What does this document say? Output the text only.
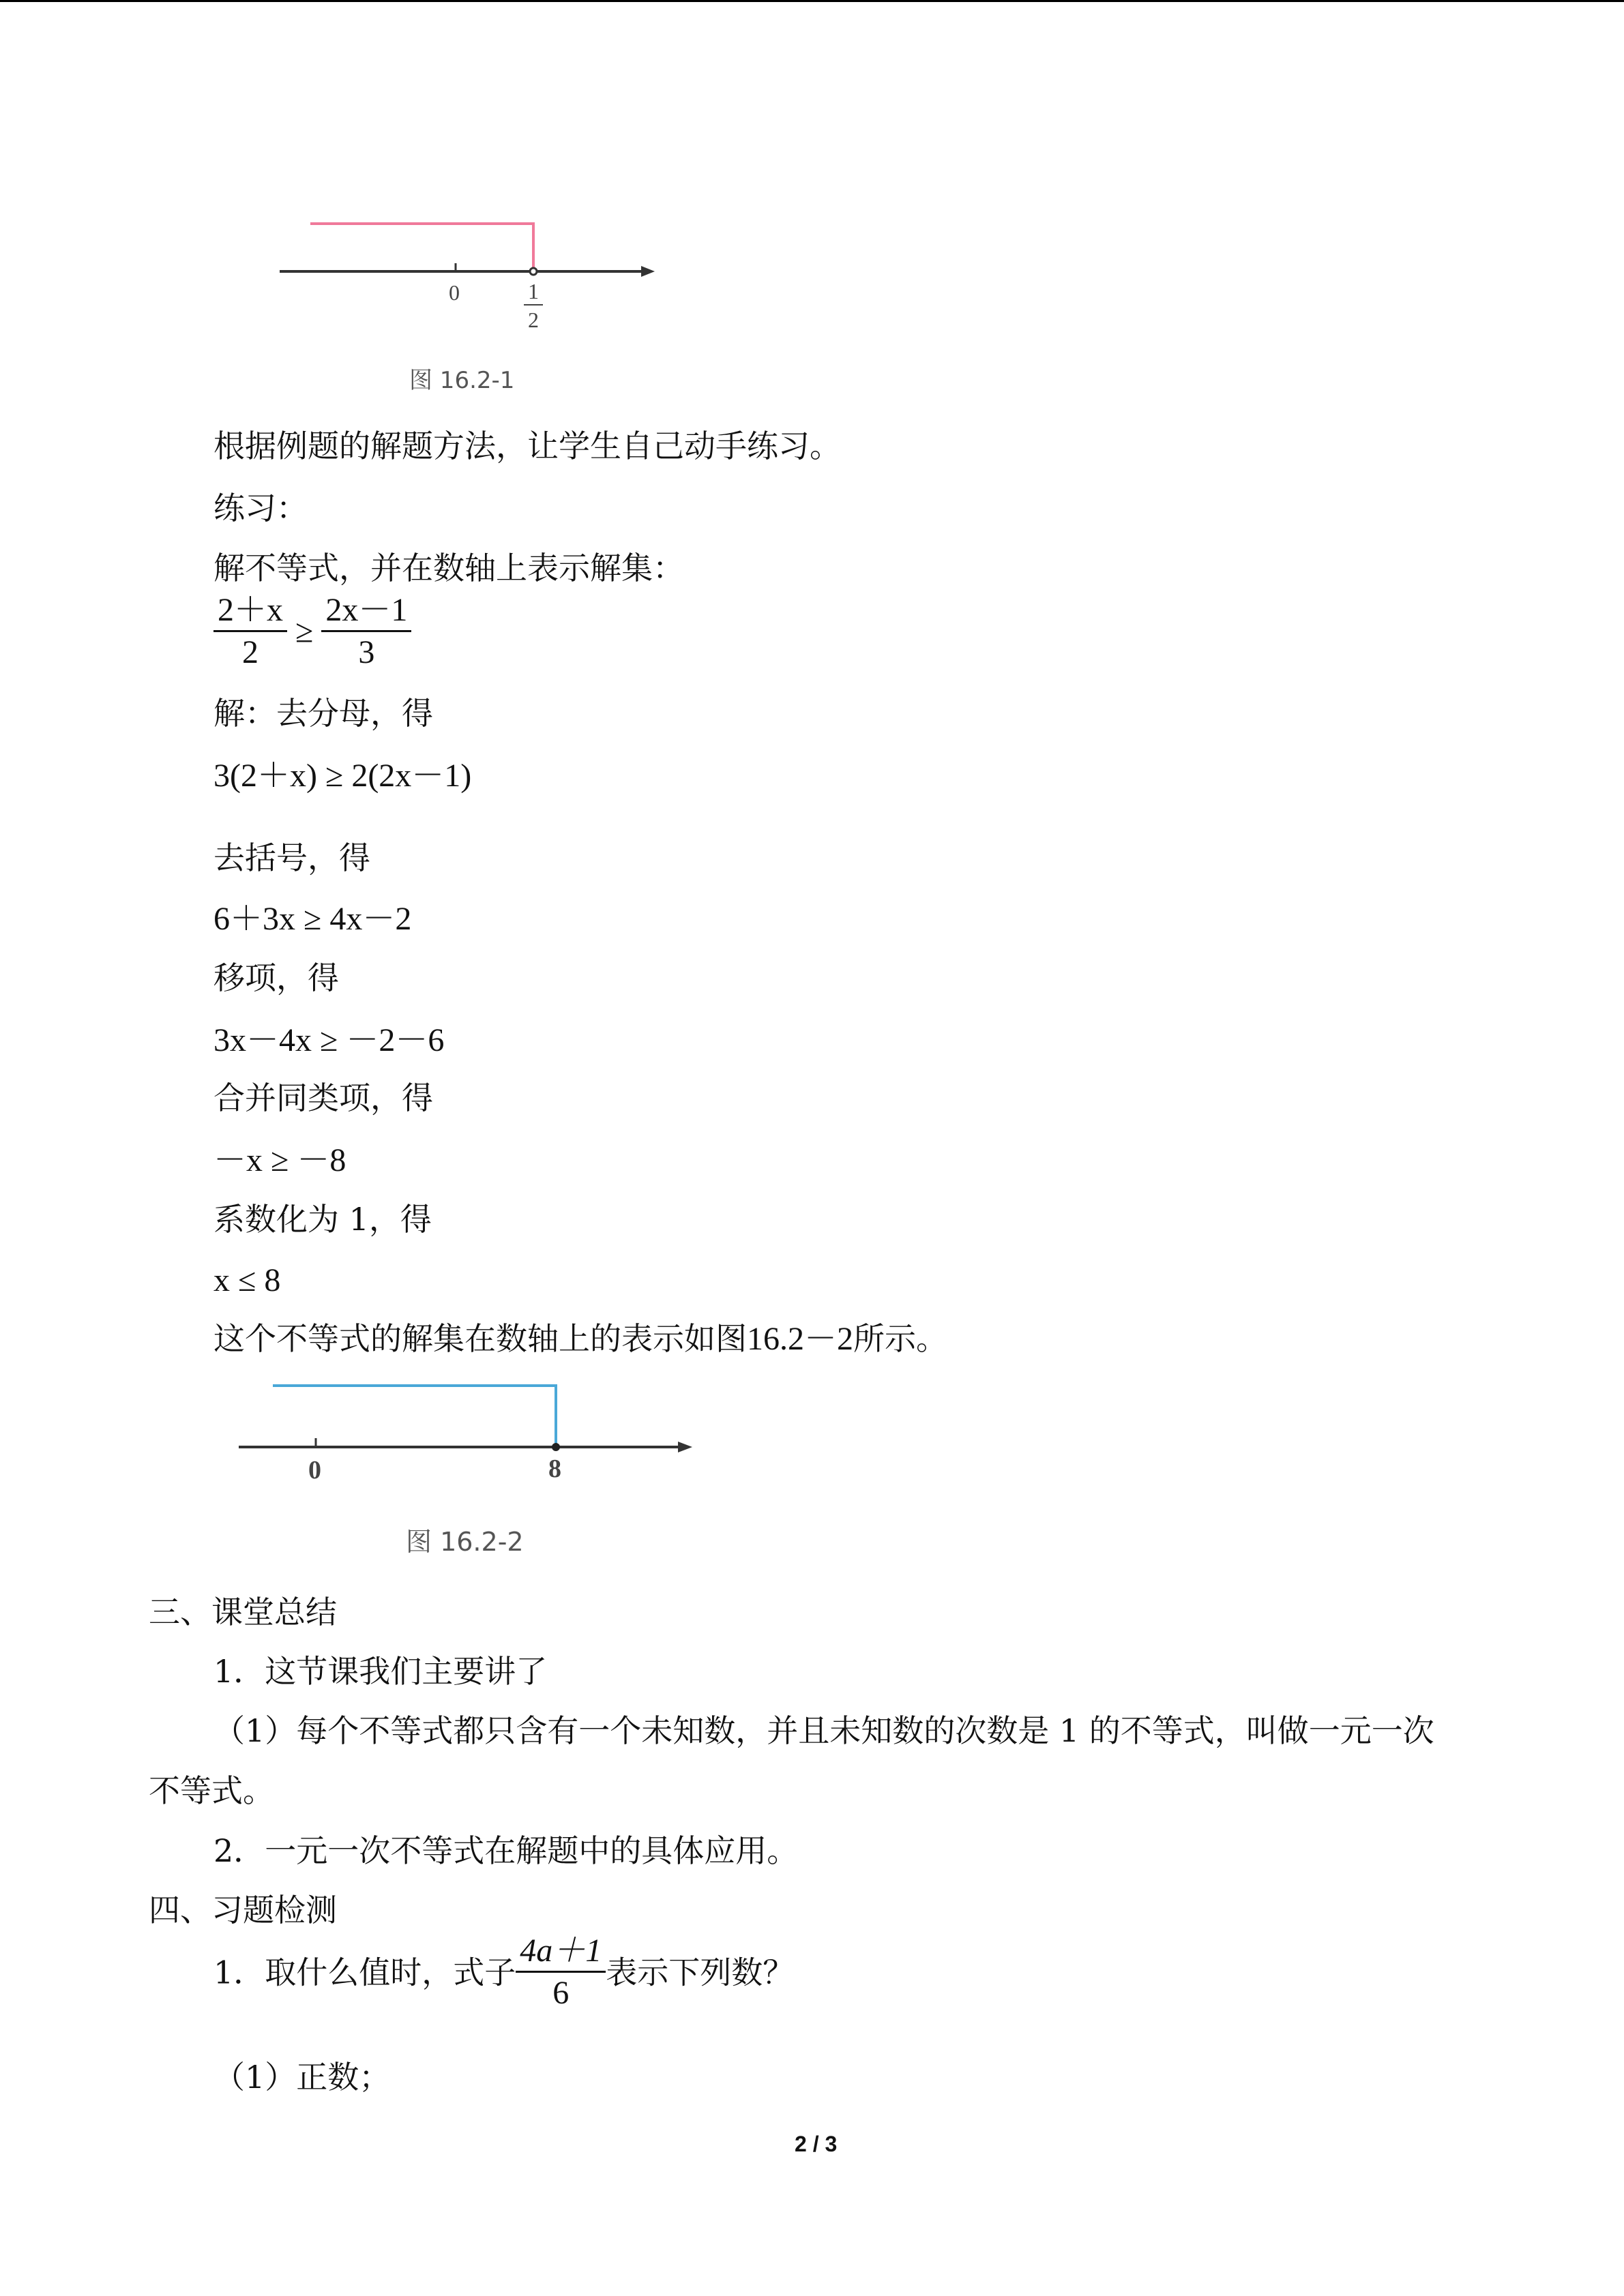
0	1
2
图 16.2-1
根据例题的解题方法，让学生自己动手练习。
练习：
解不等式，并在数轴上表示解集：
$\frac{2+x}{2} \ge \frac{2x-1}{3}$
解：去分母，得
3(2＋x) ≥ 2(2x－1)
去括号，得
6＋3x ≥ 4x－2
移项，得
3x－4x ≥ －2－6
合并同类项，得
－x ≥ －8
系数化为 1，得
x ≤ 8
这个不等式的解集在数轴上的表示如图16.2－2所示。
0	8
图 16.2-2
三、课堂总结
1．这节课我们主要讲了
（1）每个不等式都只含有一个未知数，并且未知数的次数是 1 的不等式，叫做一元一次
不等式。
2．一元一次不等式在解题中的具体应用。
四、习题检测
1．取什么值时，式子 $\frac{4a+1}{6}$ 表示下列数？
（1）正数；
2 / 3
